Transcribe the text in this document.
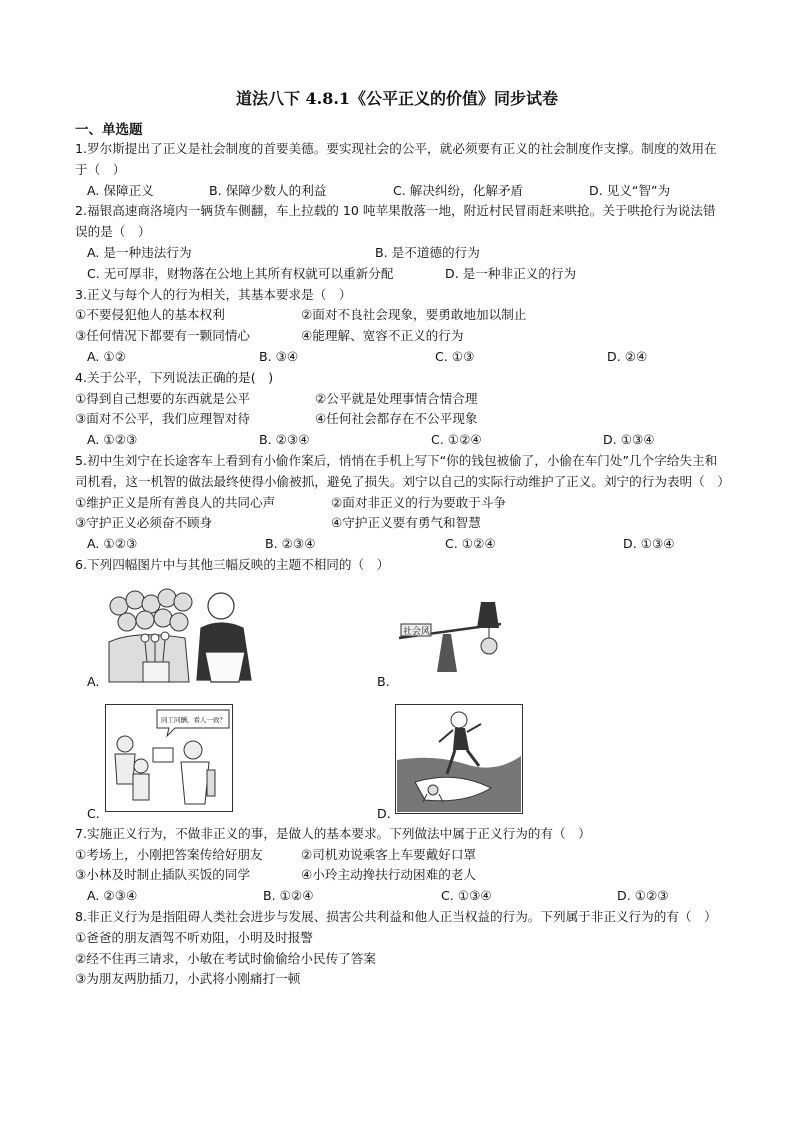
道法八下 4.8.1《公平正义的价值》同步试卷
一、单选题
1.罗尔斯提出了正义是社会制度的首要美德。要实现社会的公平，就必须要有正义的社会制度作支撑。制度的效用在于（　）
A. 保障正义	B. 保障少数人的利益	C. 解决纠纷，化解矛盾	D. 见义“智”为
2.福银高速商洛境内一辆货车侧翻，车上拉载的 10 吨苹果散落一地，附近村民冒雨赶来哄抢。关于哄抢行为说法错误的是（　）
A. 是一种违法行为	B. 是不道德的行为
C. 无可厚非，财物落在公地上其所有权就可以重新分配	D. 是一种非正义的行为
3.正义与每个人的行为相关，其基本要求是（　）
①不要侵犯他人的基本权利	②面对不良社会现象，要勇敢地加以制止
③任何情况下都要有一颗同情心	④能理解、宽容不正义的行为
A. ①②	B. ③④	C. ①③	D. ②④
4.关于公平，下列说法正确的是(　)
①得到自己想要的东西就是公平	②公平就是处理事情合情合理
③面对不公平，我们应理智对待	④任何社会都存在不公平现象
A. ①②③	B. ②③④	C. ①②④	D. ①③④
5.初中生刘宁在长途客车上看到有小偷作案后，悄悄在手机上写下“你的钱包被偷了，小偷在车门处”几个字给失主和司机看，这一机智的做法最终使得小偷被抓，避免了损失。刘宁以自己的实际行动维护了正义。刘宁的行为表明（　）
①维护正义是所有善良人的共同心声	②面对非正义的行为要敢于斗争
③守护正义必须奋不顾身	④守护正义要有勇气和智慧
A. ①②③	B. ②③④	C. ①②④	D. ①③④
6.下列四幅图片中与其他三幅反映的主题不相同的（　）
A.
社会风
B.
同工同酬，看人一致？
C.	D.
7.实施正义行为，不做非正义的事，是做人的基本要求。下列做法中属于正义行为的有（　）
①考场上，小刚把答案传给好朋友	②司机劝说乘客上车要戴好口罩
③小林及时制止插队买饭的同学	④小玲主动搀扶行动困难的老人
A. ②③④	B. ①②④	C. ①③④	D. ①②③
8.非正义行为是指阻碍人类社会进步与发展、损害公共利益和他人正当权益的行为。下列属于非正义行为的有（　）
①爸爸的朋友酒驾不听劝阻，小明及时报警
②经不住再三请求，小敏在考试时偷偷给小民传了答案
③为朋友两肋插刀，小武将小刚痛打一顿
